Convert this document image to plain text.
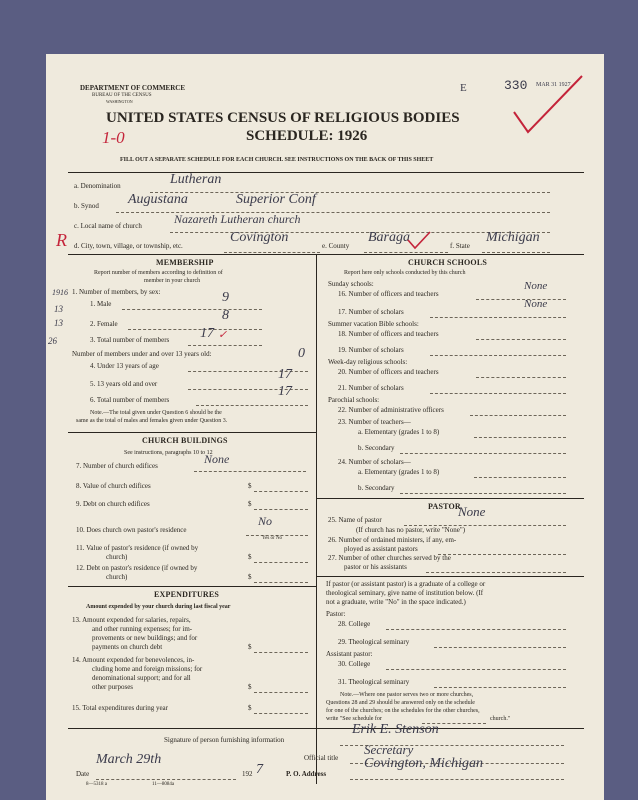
DEPARTMENT OF COMMERCE
BUREAU OF THE CENSUS
WASHINGTON
E	330 MAR 31 1927
UNITED STATES CENSUS OF RELIGIOUS BODIES
SCHEDULE: 1926
1-0
FILL OUT A SEPARATE SCHEDULE FOR EACH CHURCH. SEE INSTRUCTIONS ON THE BACK OF THIS SHEET
a. Denomination	Lutheran
b. Synod Augustana	Superior Conf
c. Local name of church	Nazareth Lutheran church
R d. City, town, village, or township, etc.
Covington
e. County
Baraga
f. State
Michigan
MEMBERSHIP
Report number of members according to definition of
member in your church
1916 1. Number of members, by sex:
13	1. Male	9
13	2. Female
8
26	3. Total number of members 17 ✓
Number of members under and over 13 years old:
4. Under 13 years of age
0
5. 13 years old and over
17
6. Total number of members
17
Note.—The total given under Question 6 should be the
same as the total of males and females given under Question 3.
CHURCH BUILDINGS
See instructions, paragraphs 10 to 12
7. Number of church edifices	None
8. Value of church edifices	$
9. Debt on church edifices	$
10. Does church own pastor's residence
No
Yes or No
11. Value of pastor's residence (if owned by
church)	$
12. Debt on pastor's residence (if owned by
church)	$
EXPENDITURES
Amount expended by your church during last fiscal year
13. Amount expended for salaries, repairs,
and other running expenses; for im-
provements or new buildings; and for
payments on church debt	$
14. Amount expended for benevolences, in-
cluding home and foreign missions; for
denominational support; and for all
other purposes	$
15. Total expenditures during year	$
CHURCH SCHOOLS
Report here only schools conducted by this church
Sunday schools:
16. Number of officers and teachers
None
17. Number of scholars
None
Summer vacation Bible schools:
18. Number of officers and teachers
19. Number of scholars
Week-day religious schools:
20. Number of officers and teachers
21. Number of scholars
Parochial schools:
22. Number of administrative officers
23. Number of teachers—
a. Elementary (grades 1 to 8)
b. Secondary
24. Number of scholars—
a. Elementary (grades 1 to 8)
b. Secondary
PASTOR
25. Name of pastor
None
(If church has no pastor, write "None")
26. Number of ordained ministers, if any, em-
ployed as assistant pastors
27. Number of other churches served by the
pastor or his assistants
If pastor (or assistant pastor) is a graduate of a college or
theological seminary, give name of institution below. (If
not a graduate, write "No" in the space indicated.)
Pastor:
28. College
29. Theological seminary
Assistant pastor:
30. College
31. Theological seminary
Note.—Where one pastor serves two or more churches,
Questions 28 and 29 should be answered only on the schedule
for one of the churches; on the schedules for the other churches,
write "See schedule for	church."
Signature of person furnishing information
Erik E. Stenson
Official title
Secretary
Date
March 29th
192 7	P. O. Address
Covington, Michigan
8—5318 a	11—8084a
